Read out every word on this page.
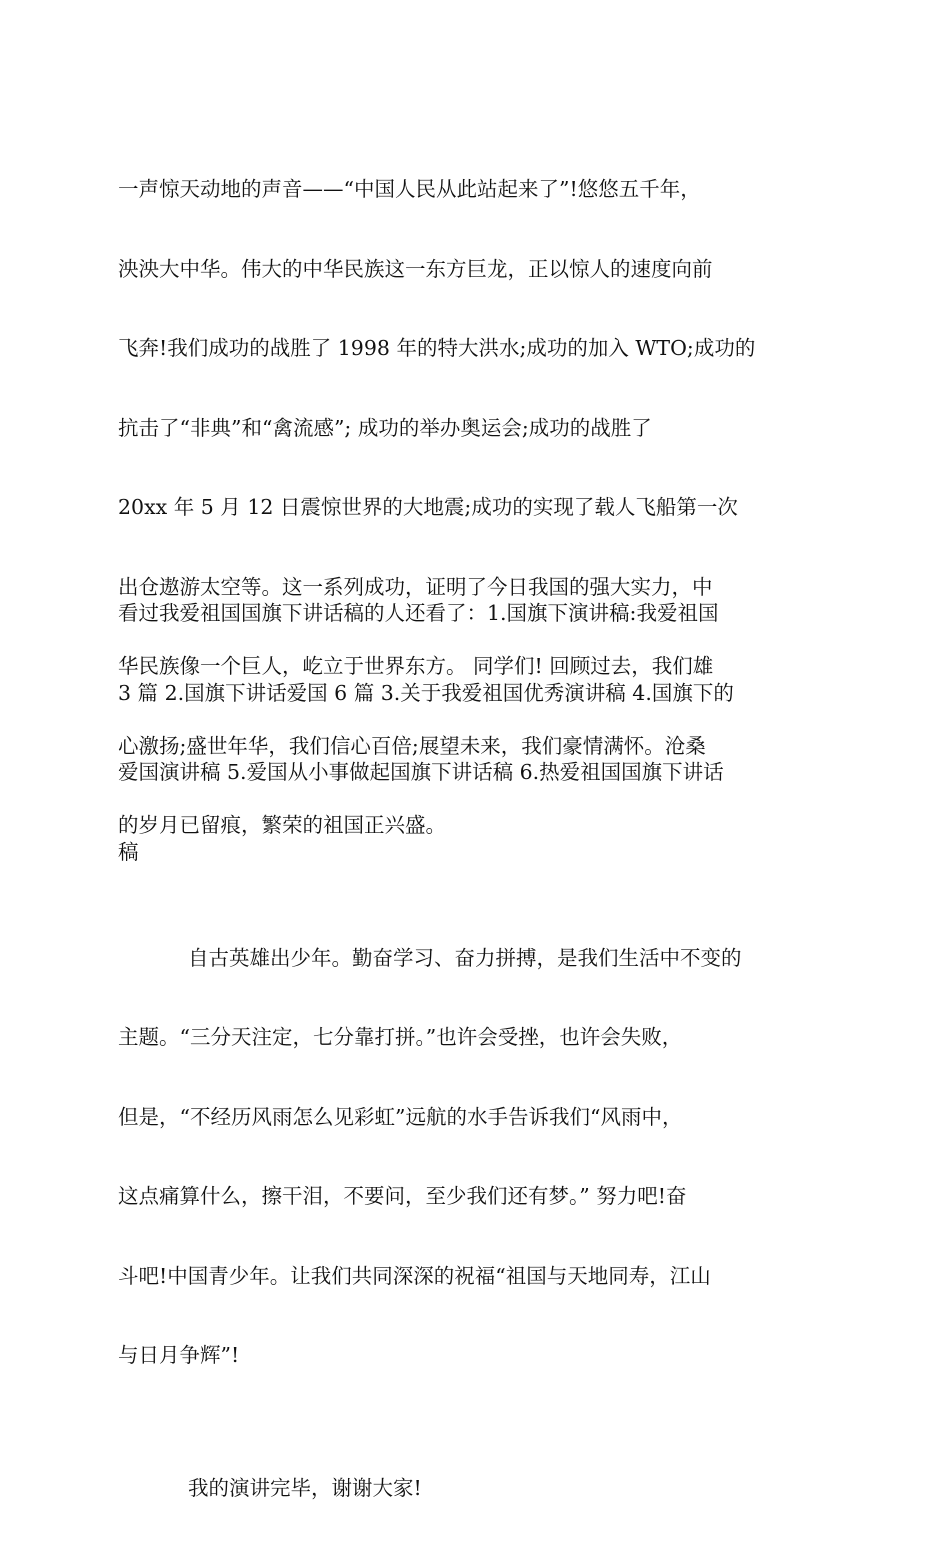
一声惊天动地的声音——“中国人民从此站起来了”!悠悠五千年，

泱泱大中华。伟大的中华民族这一东方巨龙，正以惊人的速度向前

飞奔!我们成功的战胜了 1998 年的特大洪水;成功的加入 WTO;成功的

抗击了“非典”和“禽流感”; 成功的举办奥运会;成功的战胜了

20xx 年 5 月 12 日震惊世界的大地震;成功的实现了载人飞船第一次

出仓遨游太空等。这一系列成功，证明了今日我国的强大实力，中

华民族像一个巨人，屹立于世界东方。 同学们! 回顾过去，我们雄

心激扬;盛世年华，我们信心百倍;展望未来，我们豪情满怀。沧桑

的岁月已留痕，繁荣的祖国正兴盛。

自古英雄出少年。勤奋学习、奋力拼搏，是我们生活中不变的

主题。“三分天注定，七分靠打拼。”也许会受挫，也许会失败，

但是，“不经历风雨怎么见彩虹”远航的水手告诉我们“风雨中，

这点痛算什么，擦干泪，不要问，至少我们还有梦。” 努力吧!奋

斗吧!中国青少年。让我们共同深深的祝福“祖国与天地同寿，江山

与日月争辉”!

我的演讲完毕，谢谢大家!

看过我爱祖国国旗下讲话稿的人还看了：1.国旗下演讲稿:我爱祖国

3 篇 2.国旗下讲话爱国 6 篇 3.关于我爱祖国优秀演讲稿 4.国旗下的

爱国演讲稿 5.爱国从小事做起国旗下讲话稿 6.热爱祖国国旗下讲话

稿
